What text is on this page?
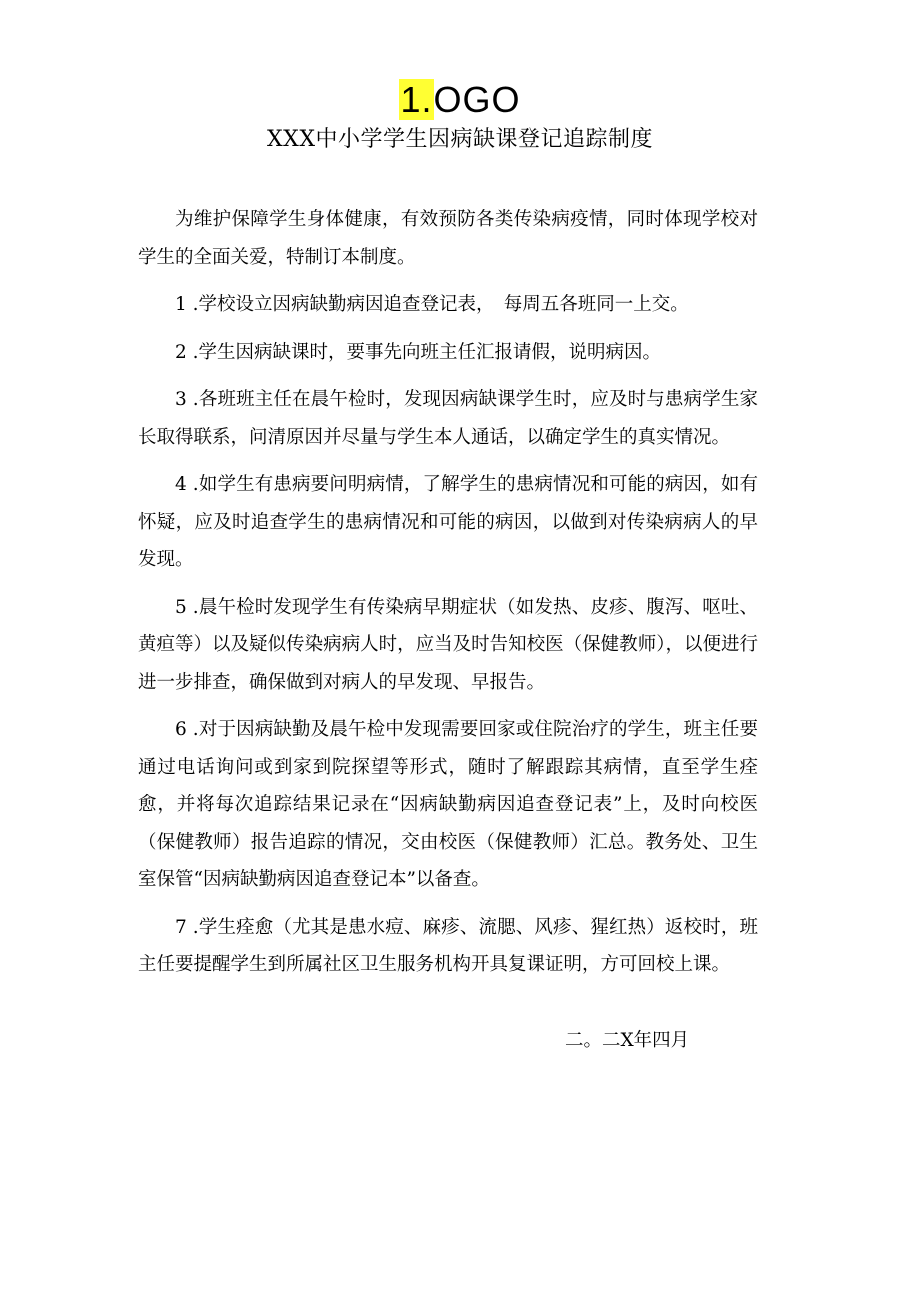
1.OGO
XXX中小学学生因病缺课登记追踪制度

为维护保障学生身体健康，有效预防各类传染病疫情，同时体现学校对学生的全面关爱，特制订本制度。

1 .学校设立因病缺勤病因追查登记表，　每周五各班同一上交。

2 .学生因病缺课时，要事先向班主任汇报请假，说明病因。

3 .各班班主任在晨午检时，发现因病缺课学生时，应及时与患病学生家长取得联系，问清原因并尽量与学生本人通话，以确定学生的真实情况。

4 .如学生有患病要问明病情，了解学生的患病情况和可能的病因，如有怀疑，应及时追查学生的患病情况和可能的病因，以做到对传染病病人的早发现。

5 .晨午检时发现学生有传染病早期症状（如发热、皮疹、腹泻、呕吐、黄疸等）以及疑似传染病病人时，应当及时告知校医（保健教师），以便进行进一步排查，确保做到对病人的早发现、早报告。

6 .对于因病缺勤及晨午检中发现需要回家或住院治疗的学生，班主任要通过电话询问或到家到院探望等形式，随时了解跟踪其病情，直至学生痊愈，并将每次追踪结果记录在“因病缺勤病因追查登记表”上，及时向校医（保健教师）报告追踪的情况，交由校医（保健教师）汇总。教务处、卫生室保管“因病缺勤病因追查登记本”以备查。

7 .学生痊愈（尤其是患水痘、麻疹、流腮、风疹、猩红热）返校时，班主任要提醒学生到所属社区卫生服务机构开具复课证明，方可回校上课。

二。二X年四月
